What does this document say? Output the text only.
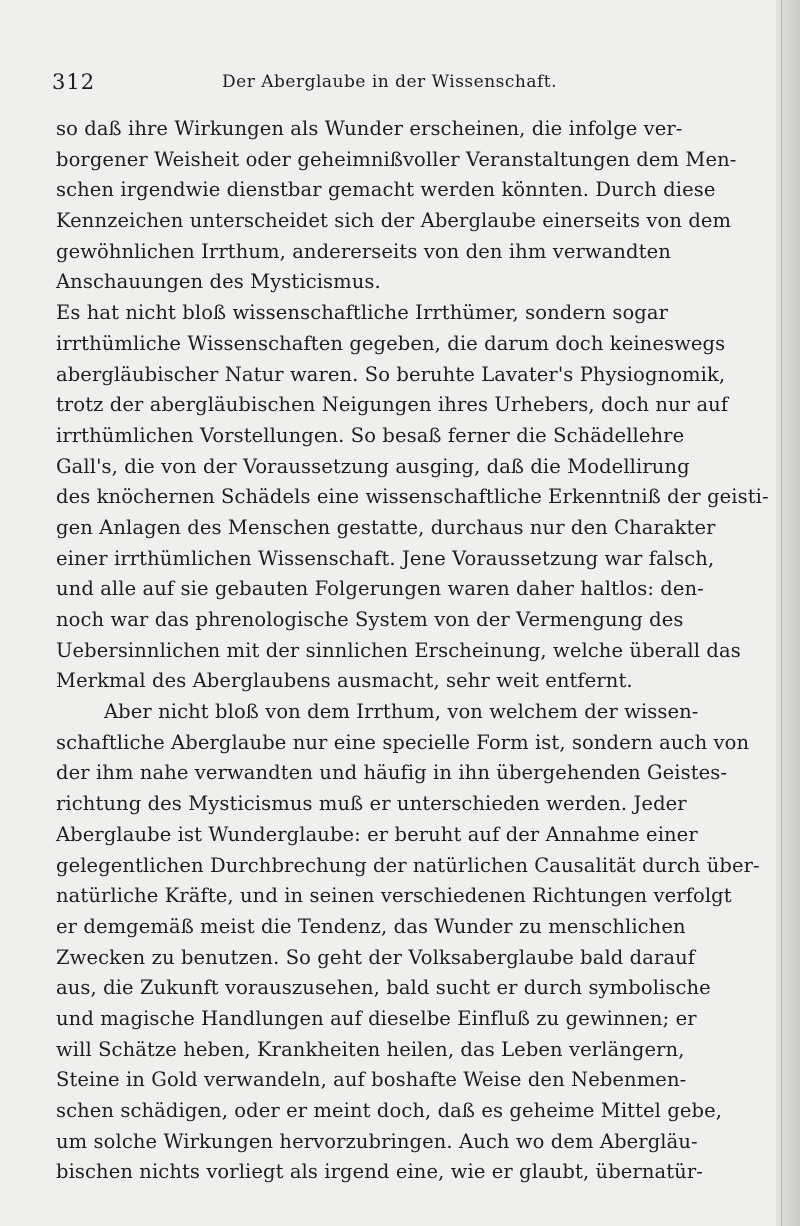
312	Der Aberglaube in der Wissenschaft.
so daß ihre Wirkungen als Wunder erscheinen, die infolge ver-
borgener Weisheit oder geheimnißvoller Veranstaltungen dem Men-
schen irgendwie dienstbar gemacht werden könnten. Durch diese
Kennzeichen unterscheidet sich der Aberglaube einerseits von dem
gewöhnlichen Irrthum, andererseits von den ihm verwandten
Anschauungen des Mysticismus.
Es hat nicht bloß wissenschaftliche Irrthümer, sondern sogar
irrthümliche Wissenschaften gegeben, die darum doch keineswegs
abergläubischer Natur waren. So beruhte Lavater's Physiognomik,
trotz der abergläubischen Neigungen ihres Urhebers, doch nur auf
irrthümlichen Vorstellungen. So besaß ferner die Schädellehre
Gall's, die von der Voraussetzung ausging, daß die Modellirung
des knöchernen Schädels eine wissenschaftliche Erkenntniß der geisti-
gen Anlagen des Menschen gestatte, durchaus nur den Charakter
einer irrthümlichen Wissenschaft. Jene Voraussetzung war falsch,
und alle auf sie gebauten Folgerungen waren daher haltlos: den-
noch war das phrenologische System von der Vermengung des
Uebersinnlichen mit der sinnlichen Erscheinung, welche überall das
Merkmal des Aberglaubens ausmacht, sehr weit entfernt.
Aber nicht bloß von dem Irrthum, von welchem der wissen-
schaftliche Aberglaube nur eine specielle Form ist, sondern auch von
der ihm nahe verwandten und häufig in ihn übergehenden Geistes-
richtung des Mysticismus muß er unterschieden werden. Jeder
Aberglaube ist Wunderglaube: er beruht auf der Annahme einer
gelegentlichen Durchbrechung der natürlichen Causalität durch über-
natürliche Kräfte, und in seinen verschiedenen Richtungen verfolgt
er demgemäß meist die Tendenz, das Wunder zu menschlichen
Zwecken zu benutzen. So geht der Volksaberglaube bald darauf
aus, die Zukunft vorauszusehen, bald sucht er durch symbolische
und magische Handlungen auf dieselbe Einfluß zu gewinnen; er
will Schätze heben, Krankheiten heilen, das Leben verlängern,
Steine in Gold verwandeln, auf boshafte Weise den Nebenmen-
schen schädigen, oder er meint doch, daß es geheime Mittel gebe,
um solche Wirkungen hervorzubringen. Auch wo dem Abergläu-
bischen nichts vorliegt als irgend eine, wie er glaubt, übernatür-
